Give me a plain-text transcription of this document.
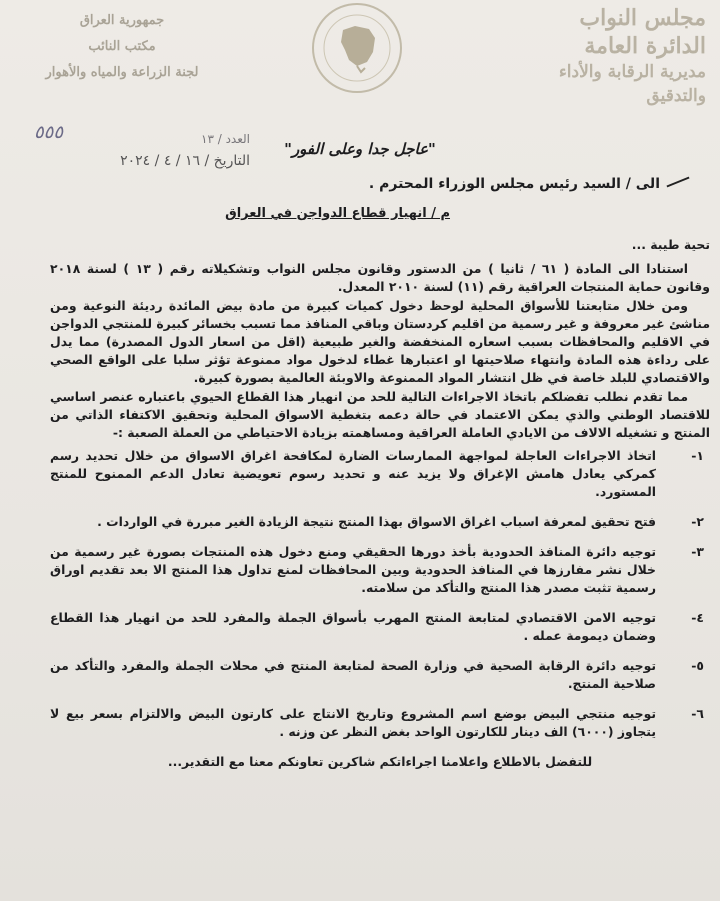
مجلس النواب
الدائرة العامة
مديرية الرقابة والأداء والتدقيق
جمهورية العراق
مكتب النائب
لجنة الزراعة والمياه والأهوار
٥٥٥	العدد / ١٣
التاريخ / ١٦ / ٤ / ٢٠٢٤
"عاجل جدا وعلى الفور"
الى / السيد رئيس مجلس الوزراء المحترم .
م / انهيار قطاع الدواجن في العراق

تحية طيبة ...

استنادا الى المادة ( ٦١ / ثانيا ) من الدستور وقانون مجلس النواب وتشكيلاته رقم ( ١٣ ) لسنة ٢٠١٨ وقانون حماية المنتجات العراقية رقم (١١) لسنة ٢٠١٠ المعدل.

ومن خلال متابعتنا للأسواق المحلية لوحظ دخول كميات كبيرة من مادة بيض المائدة رديئة النوعية ومن مناشئ غير معروفة و غير رسمية من اقليم كردستان وباقي المنافذ مما تسبب بخسائر كبيرة للمنتجي الدواجن في الاقليم والمحافظات بسبب اسعاره المنخفضة والغير طبيعية (اقل من اسعار الدول المصدرة) مما يدل على رداءة هذه المادة وانتهاء صلاحيتها او اعتبارها غطاء لدخول مواد ممنوعة تؤثر سلبا على الواقع الصحي والاقتصادي للبلد خاصة في ظل انتشار المواد الممنوعة والاوبئة العالمية بصورة كبيرة.

مما تقدم نطلب تفضلكم باتخاذ الاجراءات التالية للحد من انهيار هذا القطاع الحيوي باعتباره عنصر اساسي للاقتصاد الوطني والذي يمكن الاعتماد في حالة دعمه بتغطية الاسواق المحلية وتحقيق الاكتفاء الذاتي من المنتج و تشغيله الالاف من الايادي العاملة العراقية ومساهمته بزيادة الاحتياطي من العملة الصعبة :-

١-

اتخاذ الاجراءات العاجلة لمواجهة الممارسات الضارة لمكافحة اغراق الاسواق من خلال تحديد رسم كمركي يعادل هامش الإغراق ولا يزيد عنه و تحديد رسوم تعويضية تعادل الدعم الممنوح للمنتج المستورد.

٢-

فتح تحقيق لمعرفة اسباب اغراق الاسواق بهذا المنتج نتيجة الزيادة الغير مبررة في الواردات .

٣-

توجيه دائرة المنافذ الحدودية بأخذ دورها الحقيقي ومنع دخول هذه المنتجات بصورة غير رسمية من خلال نشر مفارزها في المنافذ الحدودية وبين المحافظات لمنع تداول هذا المنتج الا بعد تقديم اوراق رسمية تثبت مصدر هذا المنتج والتأكد من سلامته.

٤-

توجيه الامن الاقتصادي لمتابعة المنتج المهرب بأسواق الجملة والمفرد للحد من انهيار هذا القطاع وضمان ديمومة عمله .

٥-

توجيه دائرة الرقابة الصحية في وزارة الصحة لمتابعة المنتج في محلات الجملة والمفرد والتأكد من صلاحية المنتج.

٦-

توجيه منتجي البيض بوضع اسم المشروع وتاريخ الانتاج على كارتون البيض والالتزام بسعر بيع لا يتجاوز (٦٠٠٠) الف دينار للكارتون الواحد بغض النظر عن وزنه .

للتفضل بالاطلاع واعلامنا اجراءاتكم شاكرين تعاونكم معنا مع التقدير...
